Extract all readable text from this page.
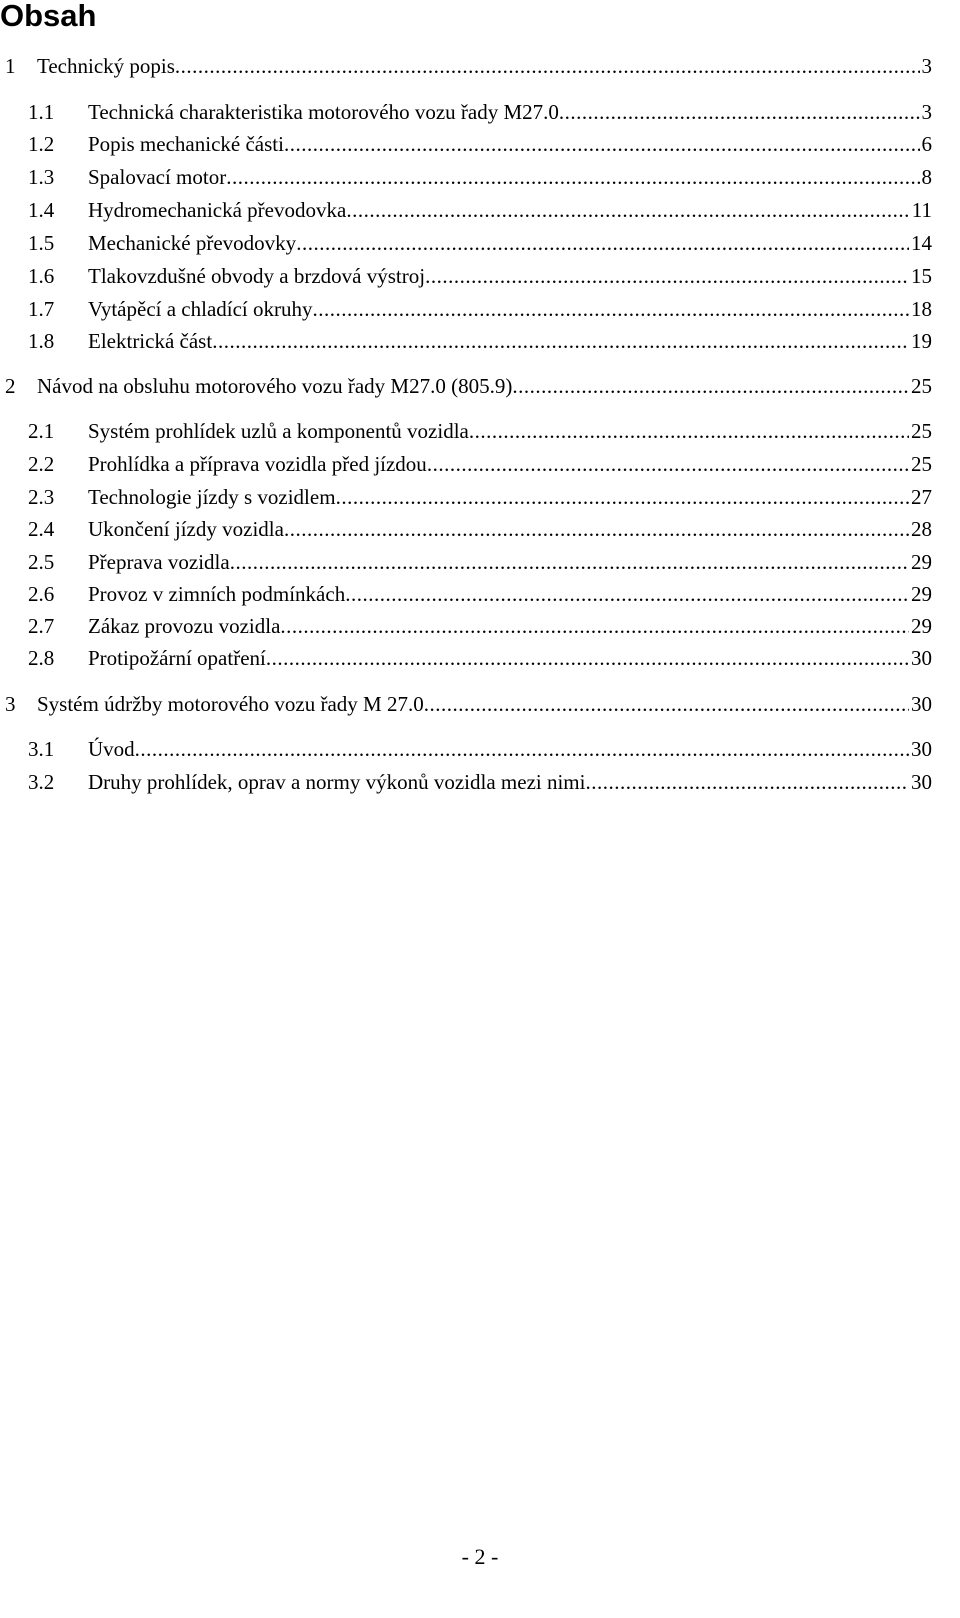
Obsah
1 Technický popis .....	3
1.1 Technická charakteristika motorového vozu řady M27.0 .....	3
1.2 Popis mechanické části .....	6
1.3 Spalovací motor .....	8
1.4 Hydromechanická převodovka .....	11
1.5 Mechanické převodovky .....	14
1.6 Tlakovzdušné obvody a brzdová výstroj .....	15
1.7 Vytápěcí a chladící okruhy .....	18
1.8 Elektrická část .....	19
2 Návod na obsluhu motorového vozu řady M27.0 (805.9) .....	25
2.1 Systém prohlídek uzlů a komponentů vozidla .....	25
2.2 Prohlídka a příprava vozidla před jízdou .....	25
2.3 Technologie jízdy s vozidlem .....	27
2.4 Ukončení jízdy vozidla .....	28
2.5 Přeprava vozidla .....	29
2.6 Provoz v zimních podmínkách .....	29
2.7 Zákaz provozu vozidla .....	29
2.8 Protipožární opatření .....	30
3 Systém údržby motorového vozu řady M 27.0 .....	30
3.1 Úvod .....	30
3.2 Druhy prohlídek, oprav a normy výkonů vozidla mezi nimi .....	30
- 2 -
